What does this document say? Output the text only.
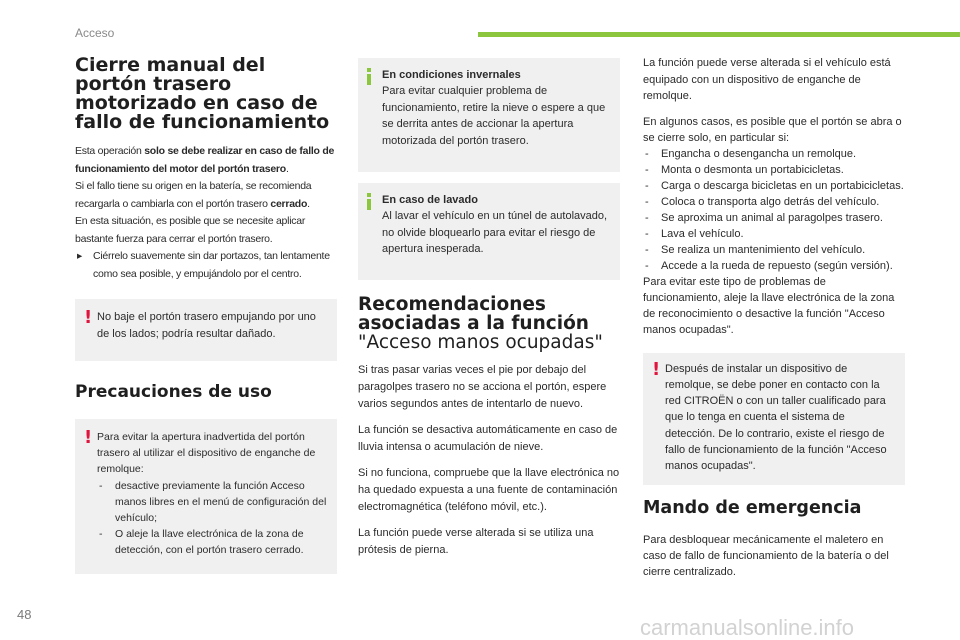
Acceso
48
carmanualsonline.info
Cierre manual del portón trasero motorizado en caso de fallo de funcionamiento
Esta operación solo se debe realizar en caso de fallo de funcionamiento del motor del portón trasero.
Si el fallo tiene su origen en la batería, se recomienda recargarla o cambiarla con el portón trasero cerrado.
En esta situación, es posible que se necesite aplicar bastante fuerza para cerrar el portón trasero.
▸ Ciérrelo suavemente sin dar portazos, tan lentamente como sea posible, y empujándolo por el centro.
! No baje el portón trasero empujando por uno de los lados; podría resultar dañado.
Precauciones de uso
! Para evitar la apertura inadvertida del portón trasero al utilizar el dispositivo de enganche de remolque:
- desactive previamente la función Acceso manos libres en el menú de configuración del vehículo;
- O aleje la llave electrónica de la zona de detección, con el portón trasero cerrado.
En condiciones invernales
Para evitar cualquier problema de funcionamiento, retire la nieve o espere a que se derrita antes de accionar la apertura motorizada del portón trasero.
En caso de lavado
Al lavar el vehículo en un túnel de autolavado, no olvide bloquearlo para evitar el riesgo de apertura inesperada.
Recomendaciones
asociadas a la función
"Acceso manos ocupadas"

Si tras pasar varias veces el pie por debajo del paragolpes trasero no se acciona el portón, espere varios segundos antes de intentarlo de nuevo.

La función se desactiva automáticamente en caso de lluvia intensa o acumulación de nieve.

Si no funciona, compruebe que la llave electrónica no ha quedado expuesta a una fuente de contaminación electromagnética (teléfono móvil, etc.).

La función puede verse alterada si se utiliza una prótesis de pierna.

La función puede verse alterada si el vehículo está equipado con un dispositivo de enganche de remolque.
En algunos casos, es posible que el portón se abra o se cierre solo, en particular si:
- Engancha o desengancha un remolque.
- Monta o desmonta un portabicicletas.
- Carga o descarga bicicletas en un portabicicletas.
- Coloca o transporta algo detrás del vehículo.
- Se aproxima un animal al paragolpes trasero.
- Lava el vehículo.
- Se realiza un mantenimiento del vehículo.
- Accede a la rueda de repuesto (según versión).
Para evitar este tipo de problemas de funcionamiento, aleje la llave electrónica de la zona de reconocimiento o desactive la función "Acceso manos ocupadas".
! Después de instalar un dispositivo de remolque, se debe poner en contacto con la red CITROËN o con un taller cualificado para que lo tenga en cuenta el sistema de detección. De lo contrario, existe el riesgo de fallo de funcionamiento de la función "Acceso manos ocupadas".
Mando de emergencia
Para desbloquear mecánicamente el maletero en caso de fallo de funcionamiento de la batería o del cierre centralizado.
